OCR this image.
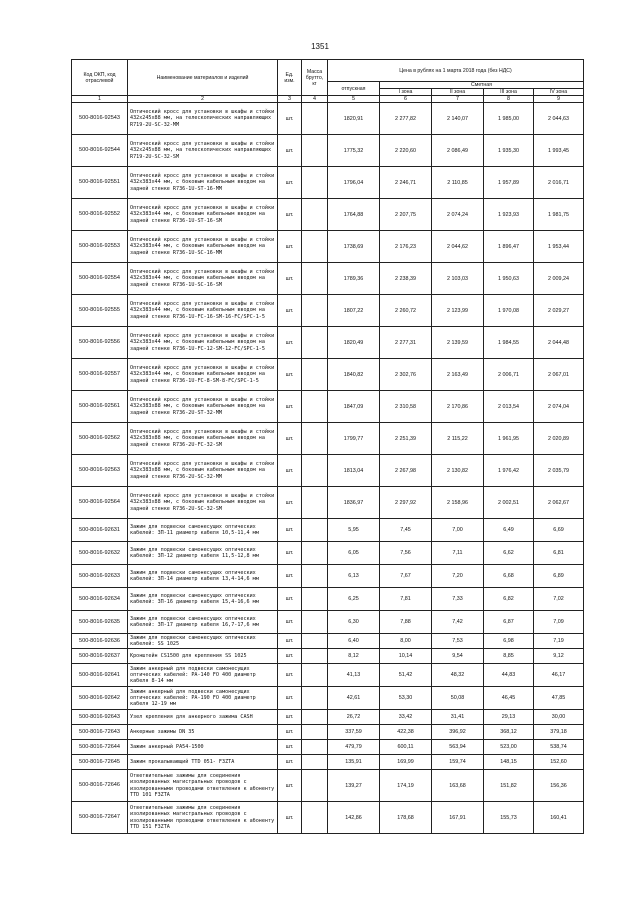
1351
Код ОКП, код отраслевой	Наименование материалов и изделий	Ед. изм.	Масса брутто, кг	Цена в рублях на 1 марта 2018 года (без НДС)				
				отпускная	Сметная			
					I зона	II зона	III зона	IV зона
1	2	3	4	5	6	7	8	9
500-8016-92543	Оптический кросс для установки в шкафы и стойки 432x245x88 мм, на телескопических направляющих R719-2U-SC-32-MM	шт.		1820,91	2 277,82	2 140,07	1 985,00	2 044,63
500-8016-92544	Оптический кросс для установки в шкафы и стойки 432x245x88 мм, на телескопических направляющих R719-2U-SC-32-SM	шт.		1775,32	2 220,60	2 086,49	1 935,30	1 993,45
500-8016-92551	Оптический кросс для установки в шкафы и стойки 432x383x44 мм, с боковым кабельным вводом на задней стенке R736-1U-ST-16-MM	шт.		1796,04	2 246,71	2 110,85	1 957,89	2 016,71
500-8016-92552	Оптический кросс для установки в шкафы и стойки 432x383x44 мм, с боковым кабельным вводом на задней стенке R736-1U-ST-16-SM	шт.		1764,88	2 207,75	2 074,24	1 923,93	1 981,75
500-8016-92553	Оптический кросс для установки в шкафы и стойки 432x383x44 мм, с боковым кабельным вводом на задней стенке R736-1U-SC-16-MM	шт.		1738,69	2 176,23	2 044,62	1 896,47	1 953,44
500-8016-92554	Оптический кросс для установки в шкафы и стойки 432x383x44 мм, с боковым кабельным вводом на задней стенке R736-1U-SC-16-SM	шт.		1789,36	2 238,39	2 103,03	1 950,63	2 009,24
500-8016-92555	Оптический кросс для установки в шкафы и стойки 432x383x44 мм, с боковым кабельным вводом на задней стенке R736-1U-FC-16-SM-16-FC/SPC-1-5	шт.		1807,22	2 260,72	2 123,99	1 970,08	2 029,27
500-8016-92556	Оптический кросс для установки в шкафы и стойки 432x383x44 мм, с боковым кабельным вводом на задней стенке R736-1U-FC-12-SM-12-FC/SPC-1-5	шт.		1820,49	2 277,31	2 139,59	1 984,55	2 044,48
500-8016-92557	Оптический кросс для установки в шкафы и стойки 432x383x44 мм, с боковым кабельным вводом на задней стенке R736-1U-FC-8-SM-8-FC/SPC-1-5	шт.		1840,82	2 302,76	2 163,49	2 006,71	2 067,01
500-8016-92561	Оптический кросс для установки в шкафы и стойки 432x383x88 мм, с боковым кабельным вводом на задней стенке R736-2U-ST-32-MM	шт.		1847,09	2 310,58	2 170,86	2 013,54	2 074,04
500-8016-92562	Оптический кросс для установки в шкафы и стойки 432x383x88 мм, с боковым кабельным вводом на задней стенке R736-2U-FC-32-SM	шт.		1799,77	2 251,39	2 115,22	1 961,95	2 020,89
500-8016-92563	Оптический кросс для установки в шкафы и стойки 432x383x88 мм, с боковым кабельным вводом на задней стенке R736-2U-SC-32-MM	шт.		1813,04	2 267,98	2 130,82	1 976,42	2 035,79
500-8016-92564	Оптический кросс для установки в шкафы и стойки 432x383x88 мм, с боковым кабельным вводом на задней стенке R736-2U-SC-32-SM	шт.		1836,97	2 297,92	2 158,96	2 002,51	2 062,67
500-8016-92631	Зажим для подвески самонесущих оптических кабелей: ЗП-11 диаметр кабеля 10,5-11,4 мм	шт.		5,95	7,45	7,00	6,49	6,69
500-8016-92632	Зажим для подвески самонесущих оптических кабелей: ЗП-12 диаметр кабеля 11,5-12,8 мм	шт.		6,05	7,56	7,11	6,62	6,81
500-8016-92633	Зажим для подвески самонесущих оптических кабелей: ЗП-14 диаметр кабеля 13,4-14,6 мм	шт.		6,13	7,67	7,20	6,68	6,89
500-8016-92634	Зажим для подвески самонесущих оптических кабелей: ЗП-16 диаметр кабеля 15,4-16,6 мм	шт.		6,25	7,81	7,33	6,82	7,02
500-8016-92635	Зажим для подвески самонесущих оптических кабелей: ЗП-17 диаметр кабеля 16,7-17,6 мм	шт.		6,30	7,88	7,42	6,87	7,09
500-8016-92636	Зажим для подвески самонесущих оптических кабелей: SS 1025	шт.		6,40	8,00	7,53	6,98	7,19
500-8016-92637	Кронштейн CS1500 для крепления SS 1025	шт.		8,12	10,14	9,54	8,85	9,12
500-8016-92641	Зажим анкерный для подвески самонесущих оптических кабелей: PA-140 FO 400 диаметр кабеля 8-14 мм	шт.		41,13	51,42	48,32	44,83	46,17
500-8016-92642	Зажим анкерный для подвески самонесущих оптических кабелей: PA-190 FO 400 диаметр кабеля 12-19 мм	шт.		42,61	53,30	50,08	46,45	47,85
500-8016-92643	Узел крепления для анкерного зажима CASH	шт.		26,72	33,42	31,41	29,13	30,00
500-8016-72643	Анкерные зажимы DN 35	шт.		337,59	422,38	396,92	368,12	379,18
500-8016-72644	Зажим анкерный PA54-1500	шт.		479,79	600,11	563,94	523,00	538,74
500-8016-72645	Зажим прокалывающий TTD 051- F3ZTA	шт.		135,91	169,99	159,74	148,15	152,60
500-8016-72646	Ответвительные зажимы для соединения изолированных магистральных проводов с изолированными проводами ответвления к абоненту TTD 101 F3ZTA	шт.		139,27	174,19	163,68	151,82	156,36
500-8016-72647	Ответвительные зажимы для соединения изолированных магистральных проводов с изолированными проводами ответвления к абоненту TTD 151 F3ZTA	шт.		142,86	178,68	167,91	155,73	160,41
